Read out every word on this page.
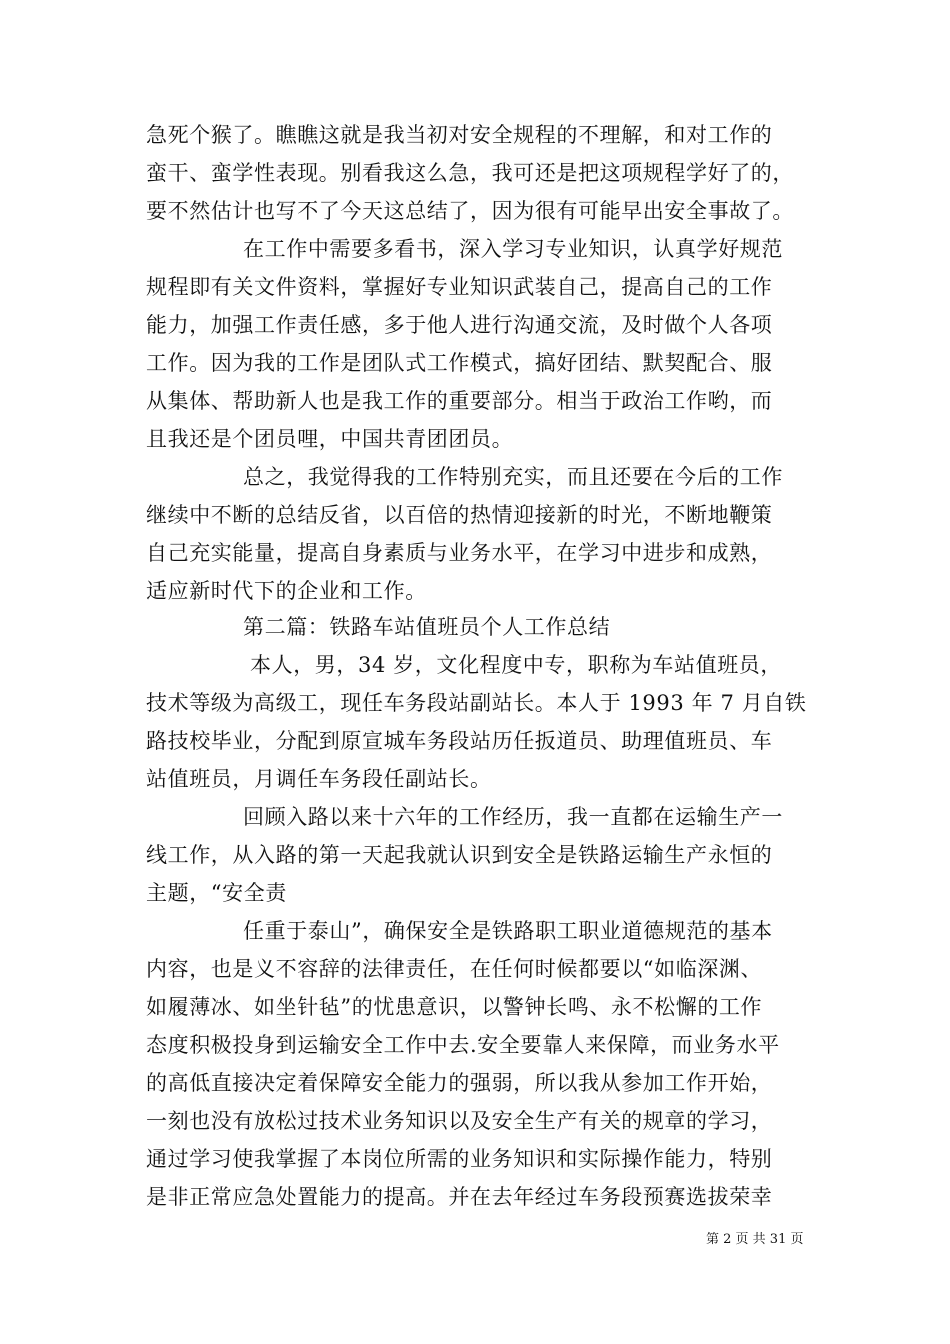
急死个猴了。瞧瞧这就是我当初对安全规程的不理解，和对工作的
蛮干、蛮学性表现。别看我这么急，我可还是把这项规程学好了的，
要不然估计也写不了今天这总结了，因为很有可能早出安全事故了。
在工作中需要多看书，深入学习专业知识，认真学好规范
规程即有关文件资料，掌握好专业知识武装自己，提高自己的工作
能力，加强工作责任感，多于他人进行沟通交流，及时做个人各项
工作。因为我的工作是团队式工作模式，搞好团结、默契配合、服
从集体、帮助新人也是我工作的重要部分。相当于政治工作哟，而
且我还是个团员哩，中国共青团团员。
总之，我觉得我的工作特别充实，而且还要在今后的工作
继续中不断的总结反省，以百倍的热情迎接新的时光，不断地鞭策
自己充实能量，提高自身素质与业务水平，在学习中进步和成熟，
适应新时代下的企业和工作。
第二篇：铁路车站值班员个人工作总结
本人，男，34 岁，文化程度中专，职称为车站值班员，
技术等级为高级工，现任车务段站副站长。本人于 1993 年 7 月自铁
路技校毕业，分配到原宣城车务段站历任扳道员、助理值班员、车
站值班员，月调任车务段任副站长。
回顾入路以来十六年的工作经历，我一直都在运输生产一
线工作，从入路的第一天起我就认识到安全是铁路运输生产永恒的
主题，“安全责
任重于泰山”，确保安全是铁路职工职业道德规范的基本
内容，也是义不容辞的法律责任，在任何时候都要以“如临深渊、
如履薄冰、如坐针毡”的忧患意识，以警钟长鸣、永不松懈的工作
态度积极投身到运输安全工作中去.安全要靠人来保障，而业务水平
的高低直接决定着保障安全能力的强弱，所以我从参加工作开始，
一刻也没有放松过技术业务知识以及安全生产有关的规章的学习，
通过学习使我掌握了本岗位所需的业务知识和实际操作能力，特别
是非正常应急处置能力的提高。并在去年经过车务段预赛选拔荣幸
第 2 页 共 31 页
